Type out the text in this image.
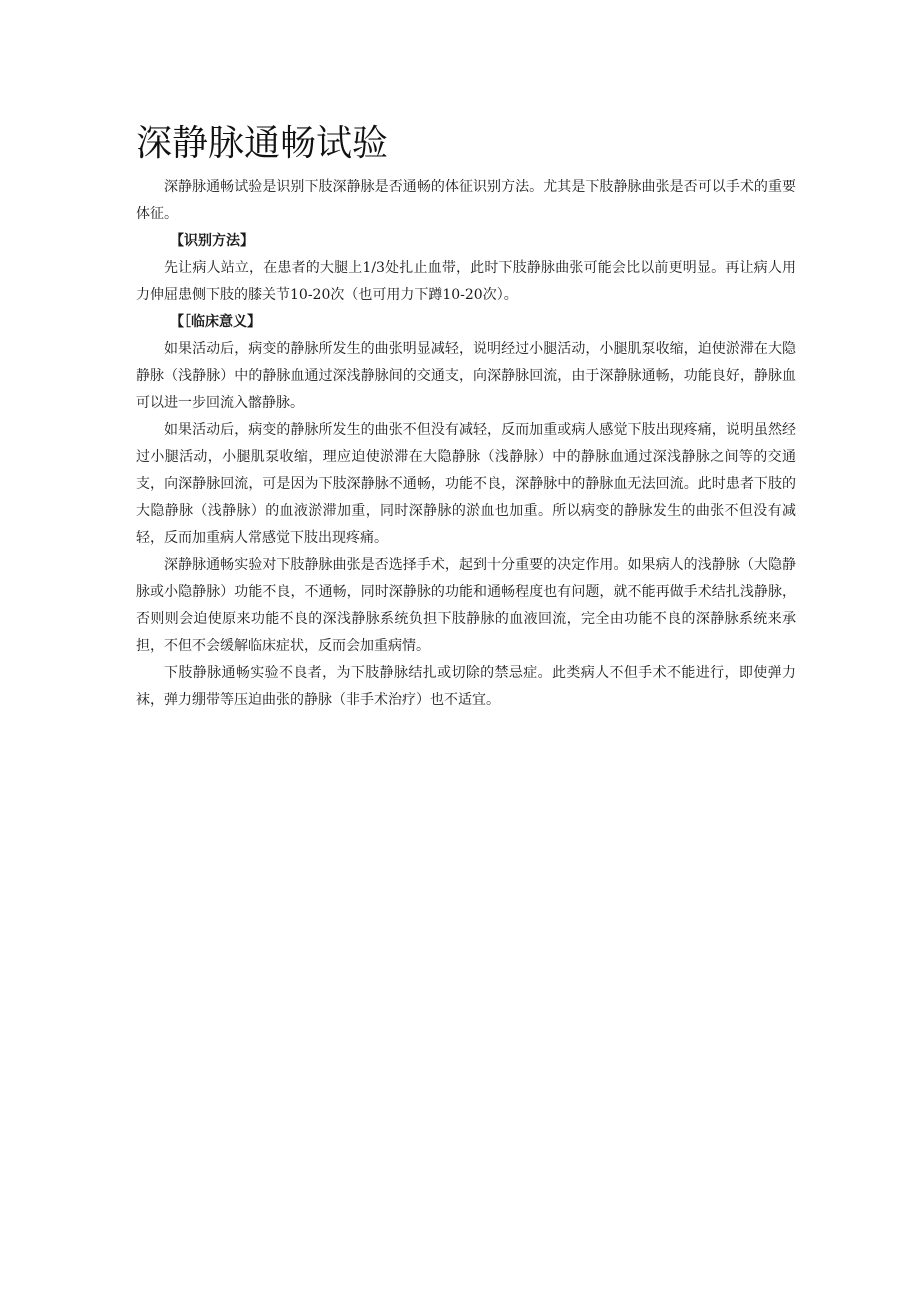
深静脉通畅试验

深静脉通畅试验是识别下肢深静脉是否通畅的体征识别方法。尤其是下肢静脉曲张是否可以手术的重要体征。

【识别方法】

先让病人站立，在患者的大腿上1/3处扎止血带，此时下肢静脉曲张可能会比以前更明显。再让病人用力伸屈患侧下肢的膝关节10-20次（也可用力下蹲10-20次）。

【［临床意义】

如果活动后，病变的静脉所发生的曲张明显减轻，说明经过小腿活动，小腿肌泵收缩，迫使淤滞在大隐静脉（浅静脉）中的静脉血通过深浅静脉间的交通支，向深静脉回流，由于深静脉通畅，功能良好，静脉血可以进一步回流入髂静脉。

如果活动后，病变的静脉所发生的曲张不但没有减轻，反而加重或病人感觉下肢出现疼痛，说明虽然经过小腿活动，小腿肌泵收缩，理应迫使淤滞在大隐静脉（浅静脉）中的静脉血通过深浅静脉之间等的交通支，向深静脉回流，可是因为下肢深静脉不通畅，功能不良，深静脉中的静脉血无法回流。此时患者下肢的大隐静脉（浅静脉）的血液淤滞加重，同时深静脉的淤血也加重。所以病变的静脉发生的曲张不但没有减轻，反而加重病人常感觉下肢出现疼痛。

深静脉通畅实验对下肢静脉曲张是否选择手术，起到十分重要的决定作用。如果病人的浅静脉（大隐静脉或小隐静脉）功能不良，不通畅，同时深静脉的功能和通畅程度也有问题，就不能再做手术结扎浅静脉，否则则会迫使原来功能不良的深浅静脉系统负担下肢静脉的血液回流，完全由功能不良的深静脉系统来承担，不但不会缓解临床症状，反而会加重病情。

下肢静脉通畅实验不良者，为下肢静脉结扎或切除的禁忌症。此类病人不但手术不能进行，即使弹力袜，弹力绷带等压迫曲张的静脉（非手术治疗）也不适宜。
